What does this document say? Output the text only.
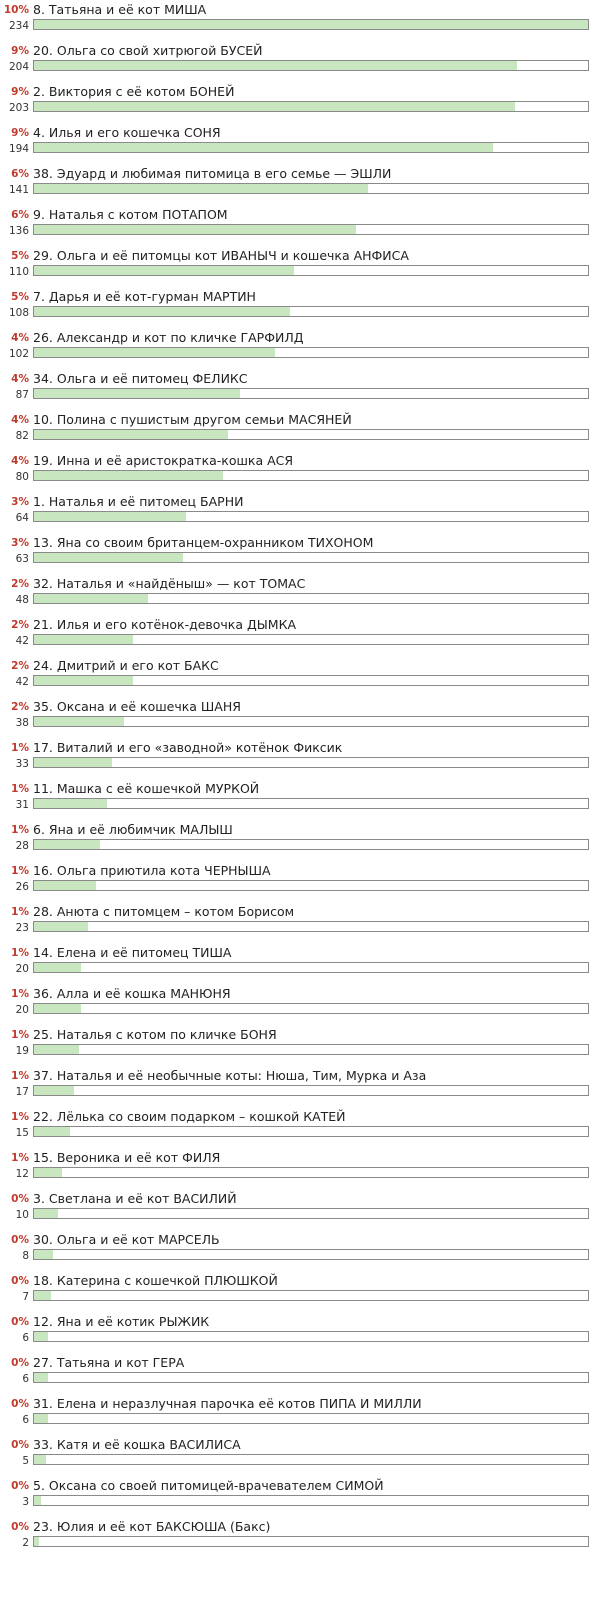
10% 8. Татьяна и её кот МИША
234
9% 20. Ольга со свой хитрюгой БУСЕЙ
204
9% 2. Виктория с её котом БОНЕЙ
203
9% 4. Илья и его кошечка СОНЯ
194
6% 38. Эдуард и любимая питомица в его семье — ЭШЛИ
141
6% 9. Наталья с котом ПОТАПОМ
136
5% 29. Ольга и её питомцы кот ИВАНЫЧ и кошечка АНФИСА
110
5% 7. Дарья и её кот-гурман МАРТИН
108
4% 26. Александр и кот по кличке ГАРФИЛД
102
4% 34. Ольга и её питомец ФЕЛИКС
87
4% 10. Полина с пушистым другом семьи МАСЯНЕЙ
82
4% 19. Инна и её аристократка-кошка АСЯ
80
3% 1. Наталья и её питомец БАРНИ
64
3% 13. Яна со своим британцем-охранником ТИХОНОМ
63
2% 32. Наталья и «найдёныш» — кот ТОМАС
48
2% 21. Илья и его котёнок-девочка ДЫМКА
42
2% 24. Дмитрий и его кот БАКС
42
2% 35. Оксана и её кошечка ШАНЯ
38
1% 17. Виталий и его «заводной» котёнок Фиксик
33
1% 11. Машка с её кошечкой МУРКОЙ
31
1% 6. Яна и её любимчик МАЛЫШ
28
1% 16. Ольга приютила кота ЧЕРНЫША
26
1% 28. Анюта с питомцем – котом Борисом
23
1% 14. Елена и её питомец ТИША
20
1% 36. Алла и её кошка МАНЮНЯ
20
1% 25. Наталья с котом по кличке БОНЯ
19
1% 37. Наталья и её необычные коты: Нюша, Тим, Мурка и Аза
17
1% 22. Лёлька со своим подарком – кошкой КАТЕЙ
15
1% 15. Вероника и её кот ФИЛЯ
12
0% 3. Светлана и её кот ВАСИЛИЙ
10
0% 30. Ольга и её кот МАРСЕЛЬ
8
0% 18. Катерина с кошечкой ПЛЮШКОЙ
7
0% 12. Яна и её котик РЫЖИК
6
0% 27. Татьяна и кот ГЕРА
6
0% 31. Елена и неразлучная парочка её котов ПИПА И МИЛЛИ
6
0% 33. Катя и её кошка ВАСИЛИСА
5
0% 5. Оксана со своей питомицей-врачевателем СИМОЙ
3
0% 23. Юлия и её кот БАКСЮША (Бакс)
2
